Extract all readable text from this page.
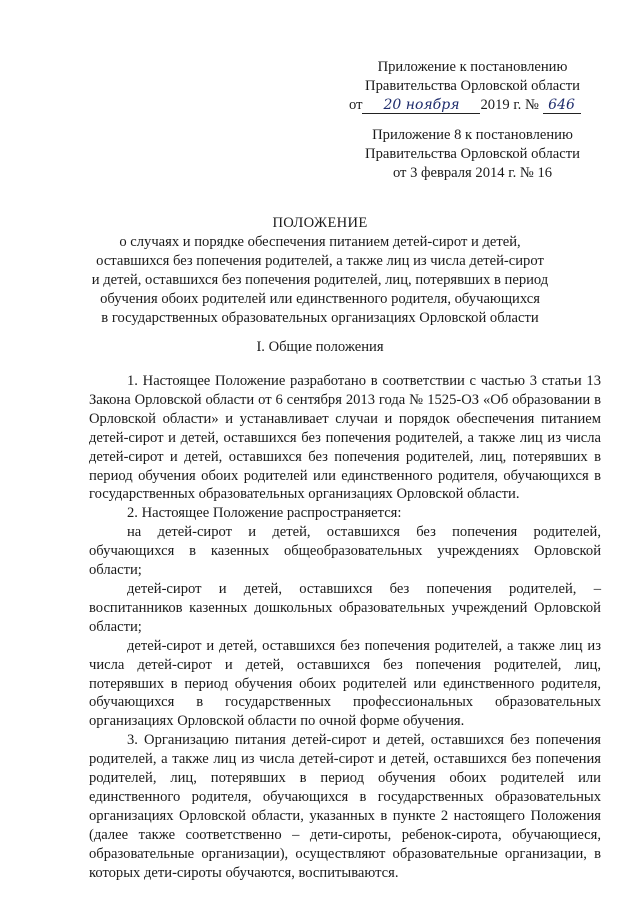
Приложение к постановлению
Правительства Орловской области
от 20 ноября 2019 г. № 646
Приложение 8 к постановлению
Правительства Орловской области
от 3 февраля 2014 г. № 16
ПОЛОЖЕНИЕ
о случаях и порядке обеспечения питанием детей-сирот и детей,
оставшихся без попечения родителей, а также лиц из числа детей-сирот
и детей, оставшихся без попечения родителей, лиц, потерявших в период
обучения обоих родителей или единственного родителя, обучающихся
в государственных образовательных организациях Орловской области
I. Общие положения

1. Настоящее Положение разработано в соответствии с частью 3 статьи 13 Закона Орловской области от 6 сентября 2013 года № 1525-ОЗ «Об образовании в Орловской области» и устанавливает случаи и порядок обеспечения питанием детей-сирот и детей, оставшихся без попечения родителей, а также лиц из числа детей-сирот и детей, оставшихся без попечения родителей, лиц, потерявших в период обучения обоих родителей или единственного родителя, обучающихся в государственных образовательных организациях Орловской области.

2. Настоящее Положение распространяется:

на детей-сирот и детей, оставшихся без попечения родителей, обучающихся в казенных общеобразовательных учреждениях Орловской области;

детей-сирот и детей, оставшихся без попечения родителей, – воспитанников казенных дошкольных образовательных учреждений Орловской области;

детей-сирот и детей, оставшихся без попечения родителей, а также лиц из числа детей-сирот и детей, оставшихся без попечения родителей, лиц, потерявших в период обучения обоих родителей или единственного родителя, обучающихся в государственных профессиональных образовательных организациях Орловской области по очной форме обучения.

3. Организацию питания детей-сирот и детей, оставшихся без попечения родителей, а также лиц из числа детей-сирот и детей, оставшихся без попечения родителей, лиц, потерявших в период обучения обоих родителей или единственного родителя, обучающихся в государственных образовательных организациях Орловской области, указанных в пункте 2 настоящего Положения (далее также соответственно – дети-сироты, ребенок-сирота, обучающиеся, образовательные организации), осуществляют образовательные организации, в которых дети-сироты обучаются, воспитываются.
